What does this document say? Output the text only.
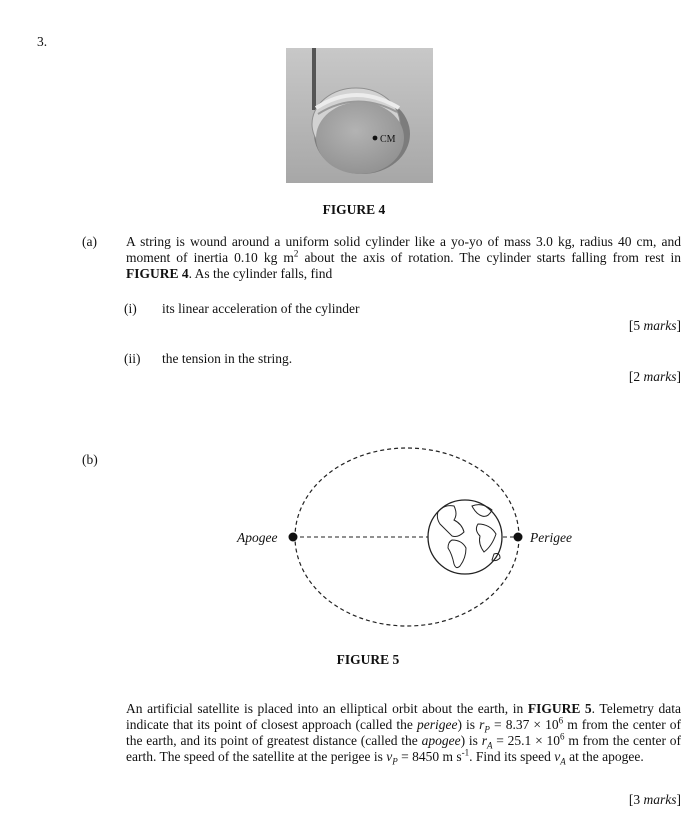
3.
CM
FIGURE 4
(a) A string is wound around a uniform solid cylinder like a yo-yo of mass 3.0 kg, radius 40 cm, and moment of inertia 0.10 kg $m^2$ about the axis of rotation. The cylinder starts falling from rest in FIGURE 4. As the cylinder falls, find
(i) its linear acceleration of the cylinder
[5 marks]
(ii) the tension in the string.
[2 marks]
(b)
Apogee	Perigee
FIGURE 5
An artificial satellite is placed into an elliptical orbit about the earth, in FIGURE 5. Telemetry data indicate that its point of closest approach (called the perigee) is $r_P = 8.37 \times 10^6$ m from the center of the earth, and its point of greatest distance (called the apogee) is $r_A = 25.1 \times 10^6$ m from the center of earth. The speed of the satellite at the perigee is $v_P = 8450$ m $s^{-1}$. Find its speed $v_A$ at the apogee.
[3 marks]
